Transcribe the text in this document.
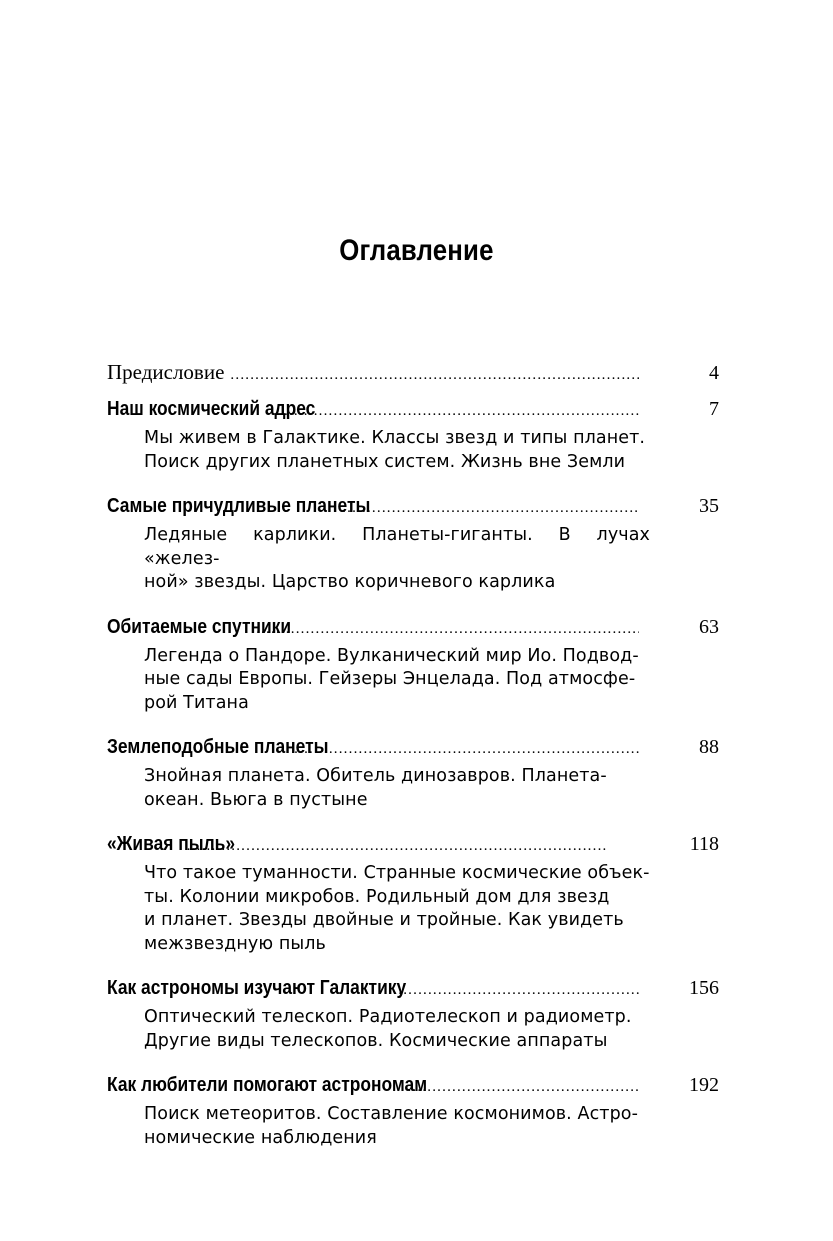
Оглавление
Предисловие .....	4
Наш космический адрес .....	7

Мы живем в Галактике. Классы звезд и типы планет.

Поиск других планетных систем. Жизнь вне Земли

Самые причудливые планеты .....	35

Ледяные карлики. Планеты-гиганты. В лучах «желез-

ной» звезды. Царство коричневого карлика

Обитаемые спутники .....	63

Легенда о Пандоре. Вулканический мир Ио. Подвод-

ные сады Европы. Гейзеры Энцелада. Под атмосфе-

рой Титана

Землеподобные планеты .....	88

Знойная планета. Обитель динозавров. Планета-

океан. Вьюга в пустыне

«Живая пыль» .....	118

Что такое туманности. Странные космические объек-

ты. Колонии микробов. Родильный дом для звезд

и планет. Звезды двойные и тройные. Как увидеть

межзвездную пыль

Как астрономы изучают Галактику .....	156

Оптический телескоп. Радиотелескоп и радиометр.

Другие виды телескопов. Космические аппараты

Как любители помогают астрономам .....	192

Поиск метеоритов. Составление космонимов. Астро-

номические наблюдения
